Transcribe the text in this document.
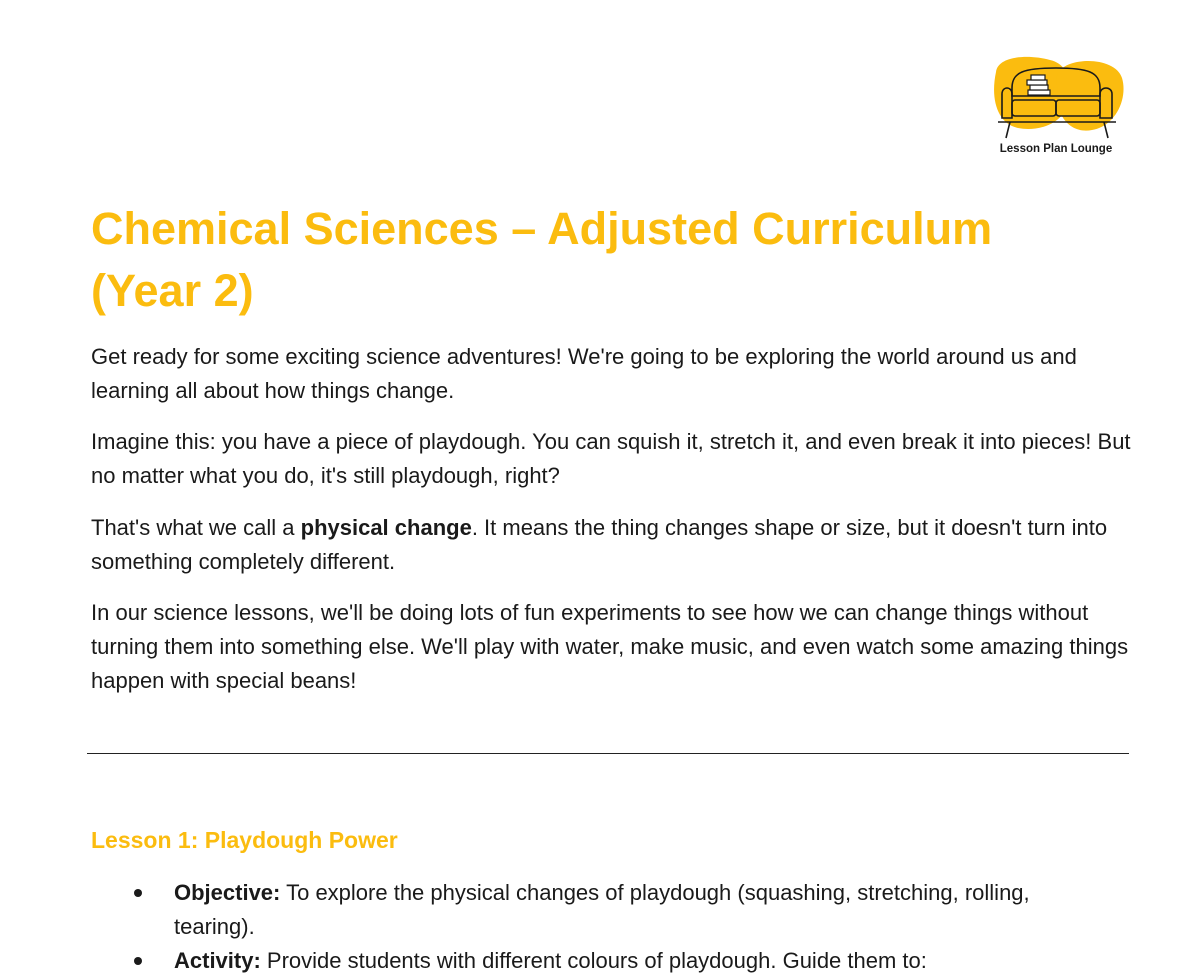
Lesson Plan Lounge
Chemical Sciences – Adjusted Curriculum (Year 2)

Get ready for some exciting science adventures! We're going to be exploring the world around us and learning all about how things change.

Imagine this: you have a piece of playdough. You can squish it, stretch it, and even break it into pieces! But no matter what you do, it's still playdough, right?

That's what we call a physical change. It means the thing changes shape or size, but it doesn't turn into something completely different.

In our science lessons, we'll be doing lots of fun experiments to see how we can change things without turning them into something else. We'll play with water, make music, and even watch some amazing things happen with special beans!

Lesson 1: Playdough Power
Objective: To explore the physical changes of playdough (squashing, stretching, rolling, tearing).
Activity: Provide students with different colours of playdough. Guide them to:
